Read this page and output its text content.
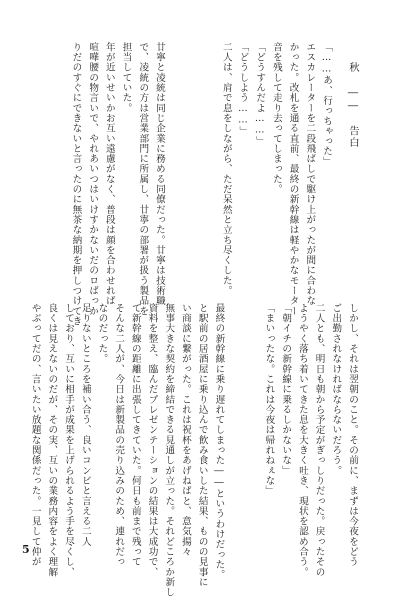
秋 ―― 告白

「……あ、行っちゃった」

エスカレーターを二段飛ばしで駆け上がったが間に合わな

かった。改札を通る直前、最終の新幹線は軽やかなモーター

音を残して走り去ってしまった。

「どうすんだよ……」

「どうしよう……」

二人は、肩で息をしながら、ただ呆然と立ち尽くした。

廿寧と凌統は同じ企業に務める同僚だった。廿寧は技術職

で、凌統の方は営業部門に所属し、廿寧の部署が扱う製品を

担当していた。

年が近いせいかお互い遠慮がなく、普段は顔を合わせれば

喧嘩腰の物言いで、やれあいつはいけすかないだのロばっか

りだのすぐにできないと言ったのに無茶な納期を押しつけてき

しかし、それは翌朝のこと。その前に、まずは今夜をどう

ご出勤されなければならないだろう。

二人とも、明日も朝から予定がぎっしりだった。戻ったその

ようやく落ち着いてきた息を大きく吐き、現状を認め合う。

「朝イチの新幹線に乗るしかないな」

「まいったな。これは今夜は帰れねぇな」

最終の新幹線に乗り遅れてしまった――というわけだった。

と駅前の居酒屋に乗り込んで飲み食いした結果、ものの見事に

い商談に繋がった。これは祝杯をあげねばと、意気揚々

無事大きな契約を締結できる見通しが立った。それどころか新し

資料を整え、臨んだプレゼンテーションの結果は大成功で、

て新幹線の距離に出張してきていた。何日も前まで残って

そんな二人が、今日は新製品の売り込みのため、連れだっ

なのだった。

足りないところを補い合う、良いコンビと言える二人

しており、互いに相手が成果を上げられるよう手を尽くし、

良くは見えないのだが、その実、互いの業務内容をよく理解

やぶってだの、言いたい放題な関係だった。一見して仲が

5
